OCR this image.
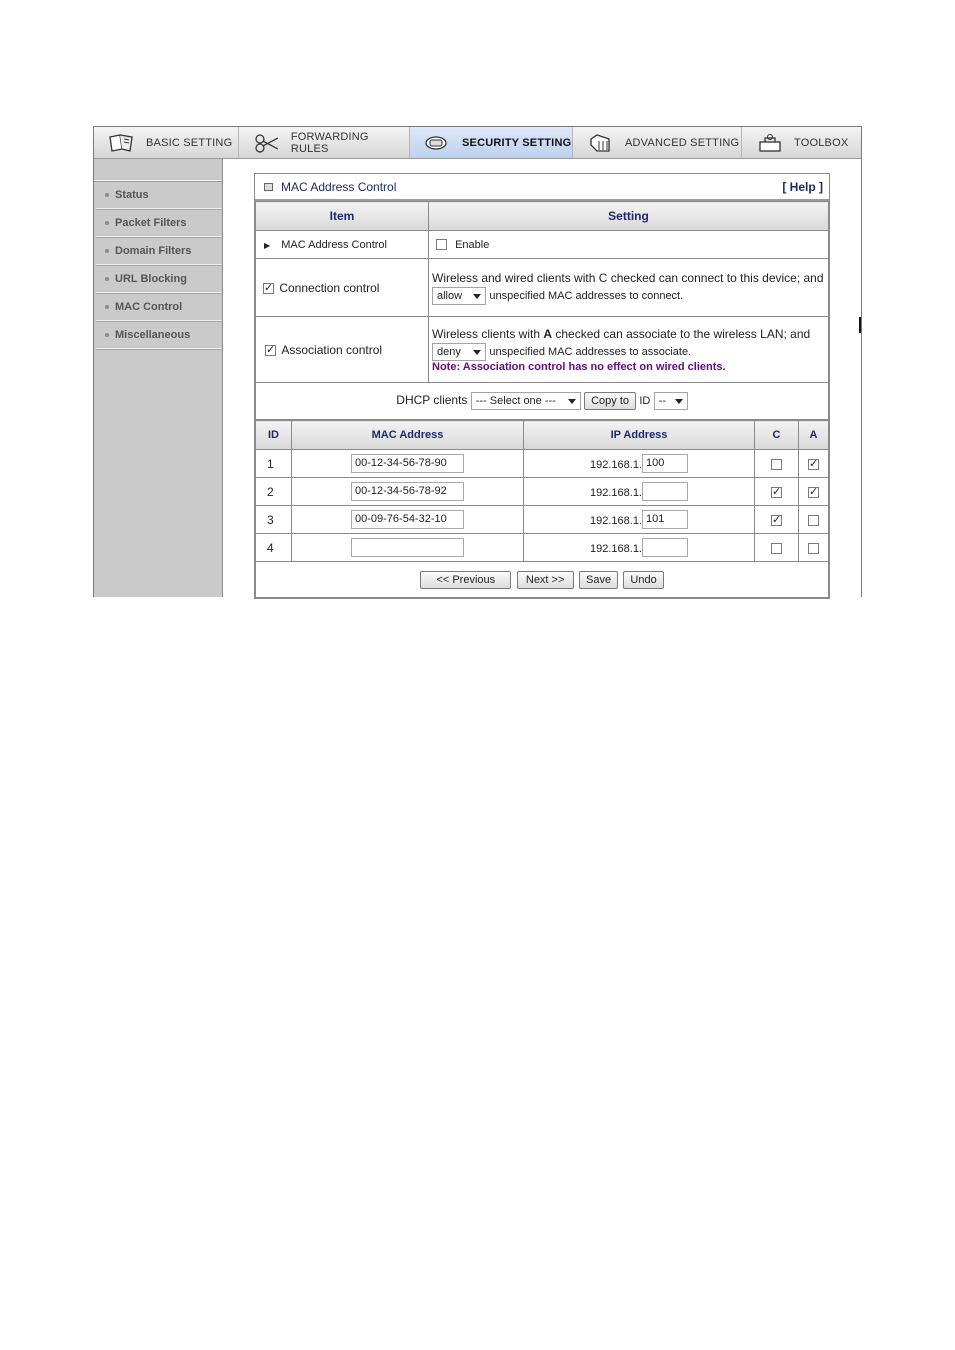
BASIC SETTING	FORWARDING RULES	SECURITY SETTING	ADVANCED SETTING	TOOLBOX
Status
Packet Filters
Domain Filters
URL Blocking
MAC Control
Miscellaneous
MAC Address Control	[ Help ]
Item	Setting
▶ MAC Address Control	Enable
✓ Connection control	Wireless and wired clients with C checked can connect to this device; and
allow unspecified MAC addresses to connect.

✓ Association control	Wireless clients with A checked can associate to the wireless LAN; and
deny unspecified MAC addresses to associate.
Note: Association control has no effect on wired clients.

DHCP clients --- Select one --- Copy to ID --	
ID	MAC Address	IP Address	C	A
1	00-12-34-56-78-90	192.168.1. 100		✓
2	00-12-34-56-78-92	192.168.1.	✓	✓
3	00-09-76-54-32-10	192.168.1. 101	✓	
4		192.168.1.		
<< Previous Next >> Save Undo				
